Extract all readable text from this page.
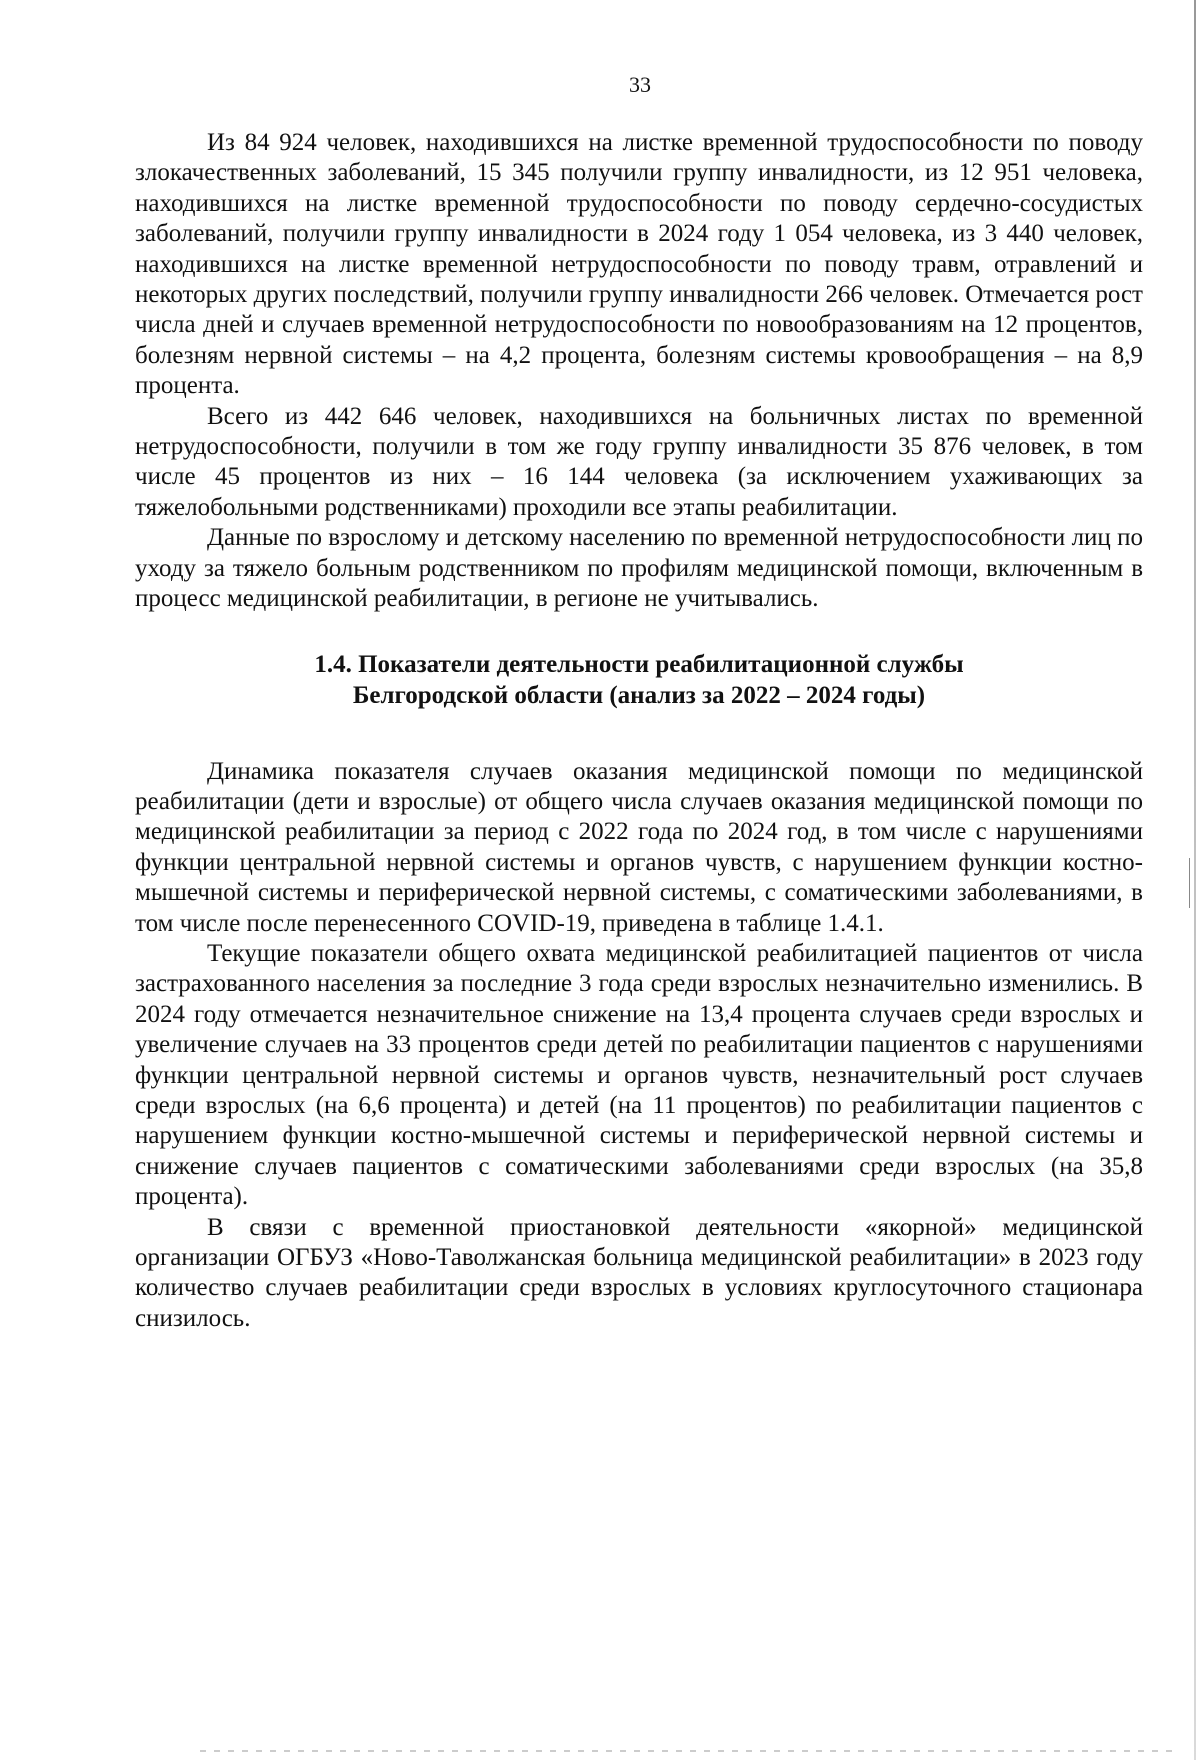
33

Из 84 924 человек, находившихся на листке временной трудоспособности по поводу злокачественных заболеваний, 15 345 получили группу инвалидности, из 12 951 человека, находившихся на листке временной трудоспособности по поводу сердечно-сосудистых заболеваний, получили группу инвалидности в 2024 году 1 054 человека, из 3 440 человек, находившихся на листке временной нетрудоспособности по поводу травм, отравлений и некоторых других последствий, получили группу инвалидности 266 человек. Отмечается рост числа дней и случаев временной нетрудоспособности по новообразованиям на 12 процентов, болезням нервной системы – на 4,2 процента, болезням системы кровообращения – на 8,9 процента.

Всего из 442 646 человек, находившихся на больничных листах по временной нетрудоспособности, получили в том же году группу инвалидности 35 876 человек, в том числе 45 процентов из них – 16 144 человека (за исключением ухаживающих за тяжелобольными родственниками) проходили все этапы реабилитации.

Данные по взрослому и детскому населению по временной нетрудоспособности лиц по уходу за тяжело больным родственником по профилям медицинской помощи, включенным в процесс медицинской реабилитации, в регионе не учитывались.

1.4. Показатели деятельности реабилитационной службы
Белгородской области (анализ за 2022 – 2024 годы)

Динамика показателя случаев оказания медицинской помощи по медицинской реабилитации (дети и взрослые) от общего числа случаев оказания медицинской помощи по медицинской реабилитации за период с 2022 года по 2024 год, в том числе с нарушениями функции центральной нервной системы и органов чувств, с нарушением функции костно-мышечной системы и периферической нервной системы, с соматическими заболеваниями, в том числе после перенесенного COVID-19, приведена в таблице 1.4.1.

Текущие показатели общего охвата медицинской реабилитацией пациентов от числа застрахованного населения за последние 3 года среди взрослых незначительно изменились. В 2024 году отмечается незначительное снижение на 13,4 процента случаев среди взрослых и увеличение случаев на 33 процентов среди детей по реабилитации пациентов с нарушениями функции центральной нервной системы и органов чувств, незначительный рост случаев среди взрослых (на 6,6 процента) и детей (на 11 процентов) по реабилитации пациентов с нарушением функции костно-мышечной системы и периферической нервной системы и снижение случаев пациентов с соматическими заболеваниями среди взрослых (на 35,8 процента).

В связи с временной приостановкой деятельности «якорной» медицинской организации ОГБУЗ «Ново-Таволжанская больница медицинской реабилитации» в 2023 году количество случаев реабилитации среди взрослых в условиях круглосуточного стационара снизилось.
